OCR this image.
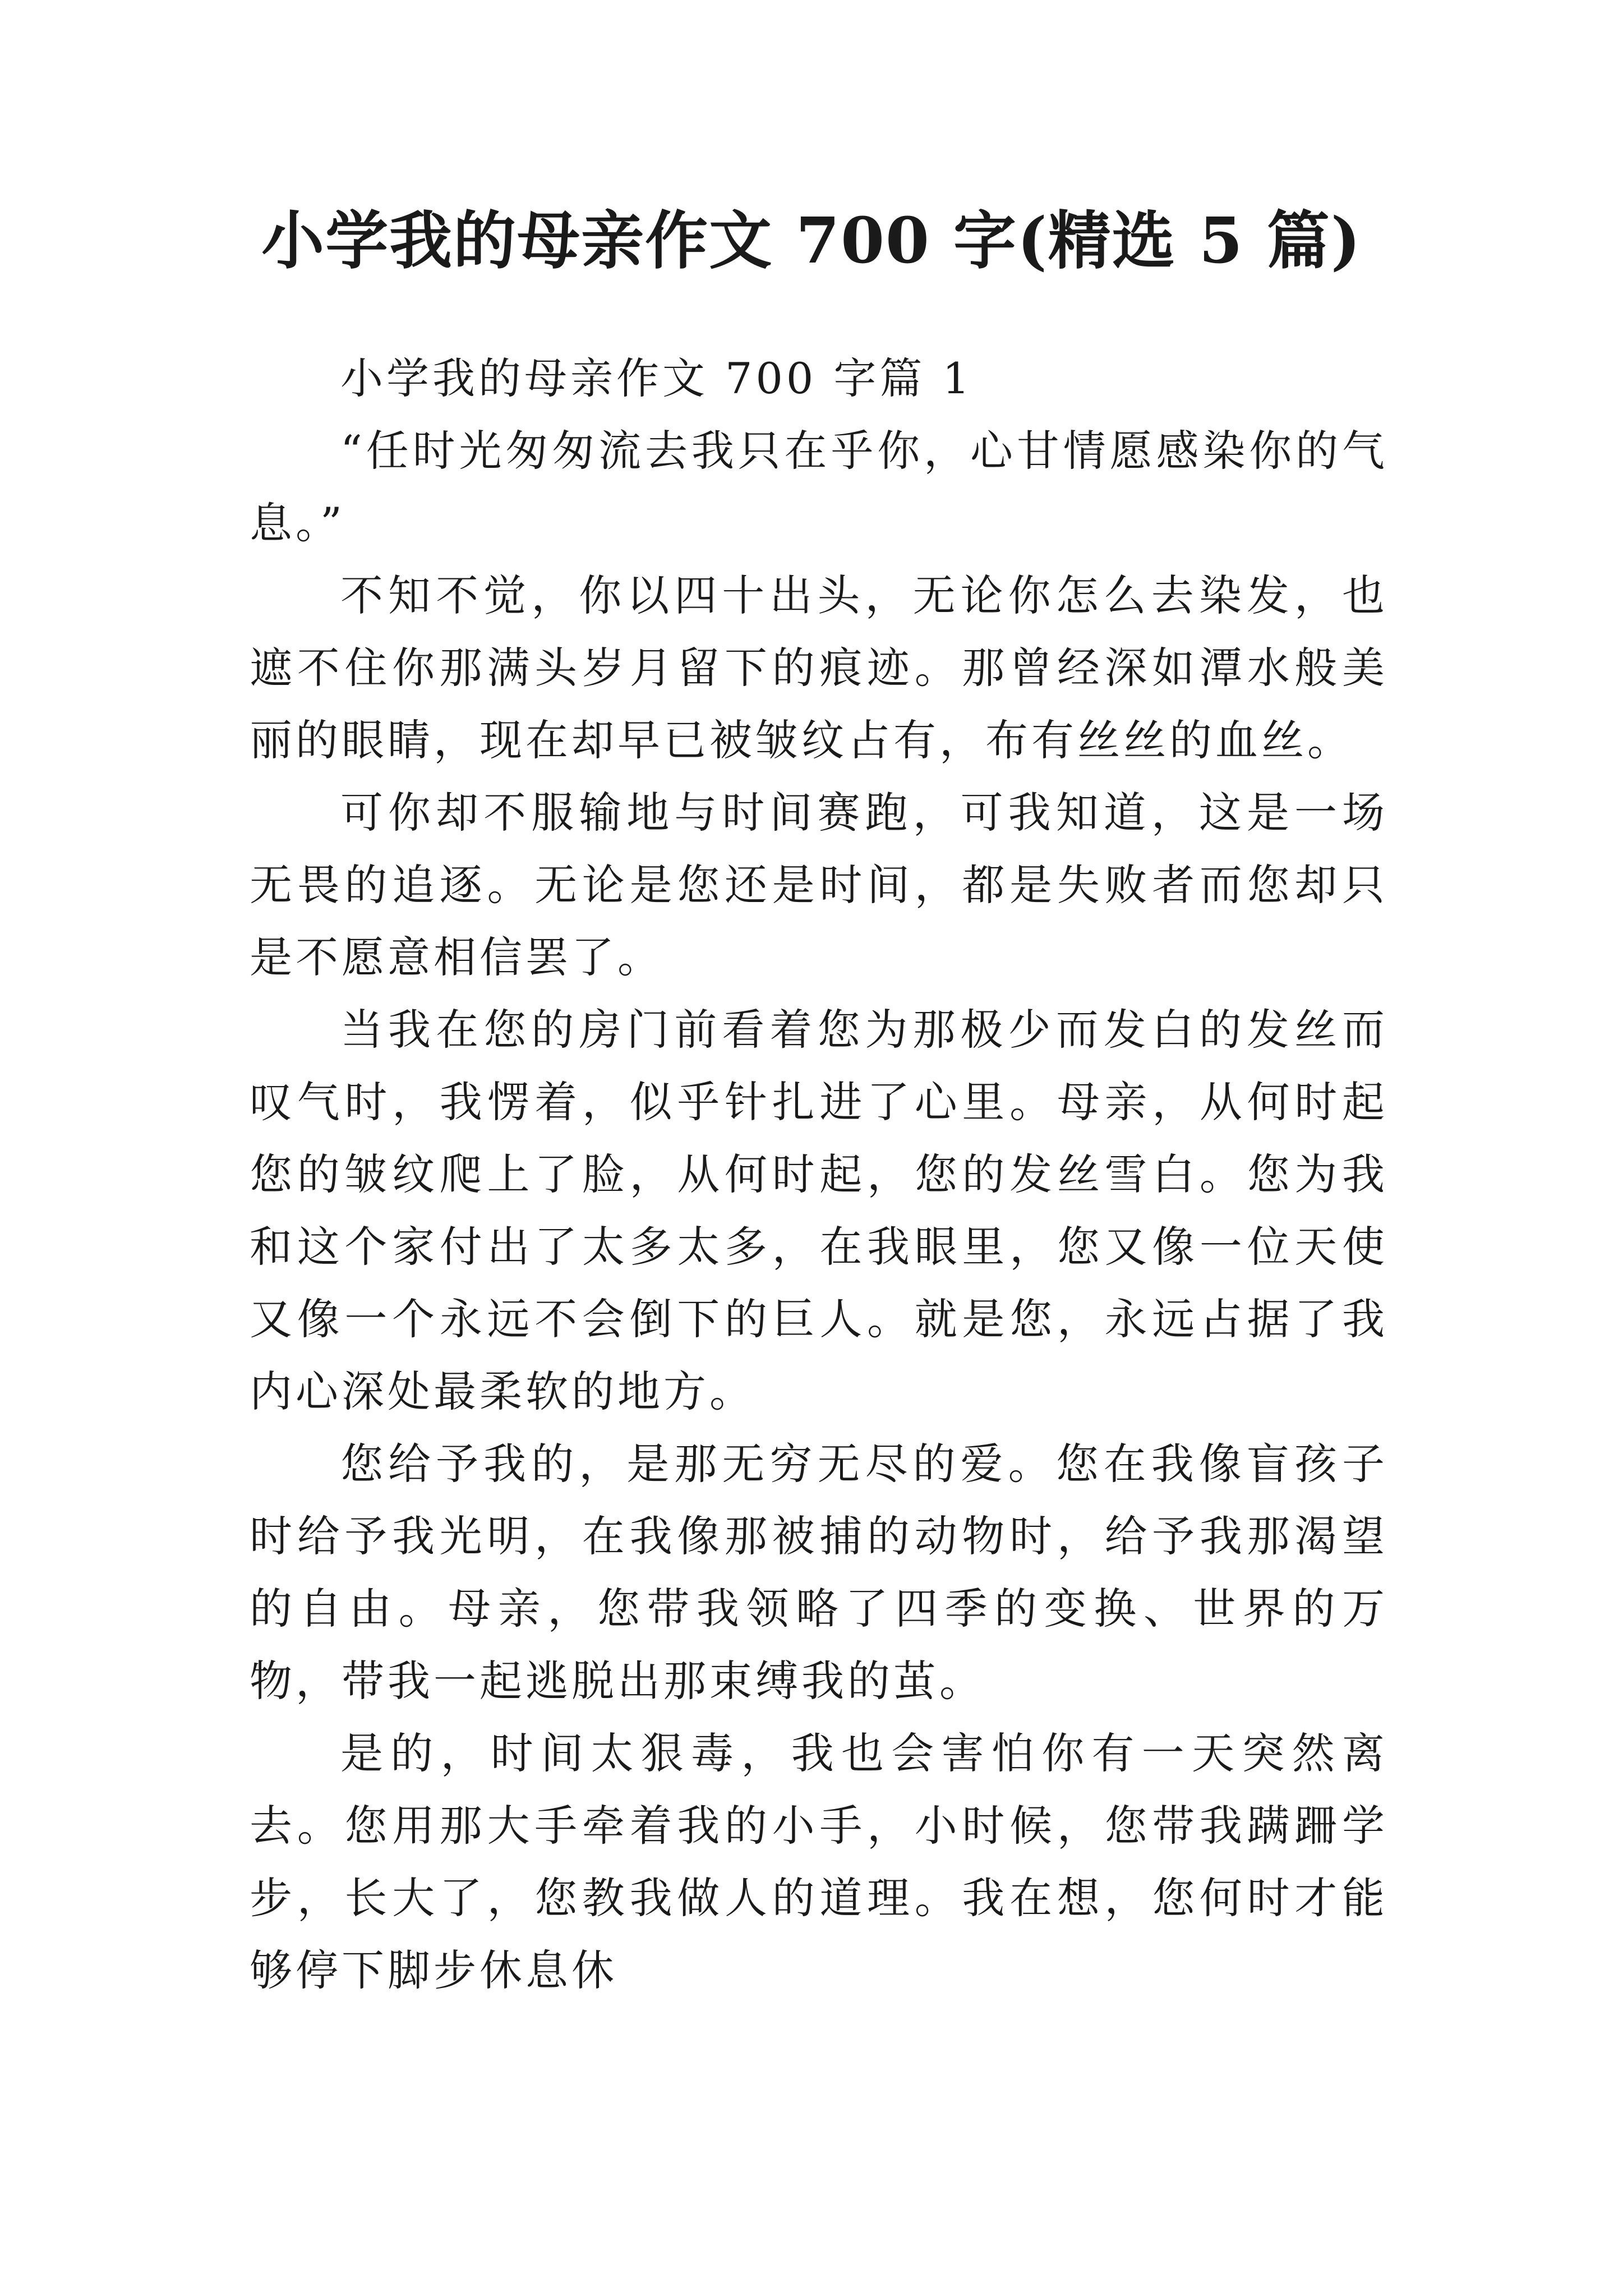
小学我的母亲作文 700 字(精选 5 篇)

小学我的母亲作文 700 字篇 1

“任时光匆匆流去我只在乎你，心甘情愿感染你的气息。”

不知不觉，你以四十出头，无论你怎么去染发，也遮不住你那满头岁月留下的痕迹。那曾经深如潭水般美丽的眼睛，现在却早已被皱纹占有，布有丝丝的血丝。

可你却不服输地与时间赛跑，可我知道，这是一场无畏的追逐。无论是您还是时间，都是失败者而您却只是不愿意相信罢了。

当我在您的房门前看着您为那极少而发白的发丝而叹气时，我愣着，似乎针扎进了心里。母亲，从何时起您的皱纹爬上了脸，从何时起，您的发丝雪白。您为我和这个家付出了太多太多，在我眼里，您又像一位天使又像一个永远不会倒下的巨人。就是您，永远占据了我内心深处最柔软的地方。

您给予我的，是那无穷无尽的爱。您在我像盲孩子时给予我光明，在我像那被捕的动物时，给予我那渴望的自由。母亲，您带我领略了四季的变换、世界的万物，带我一起逃脱出那束缚我的茧。

是的，时间太狠毒，我也会害怕你有一天突然离去。您用那大手牵着我的小手，小时候，您带我蹒跚学步，长大了，您教我做人的道理。我在想，您何时才能够停下脚步休息休
